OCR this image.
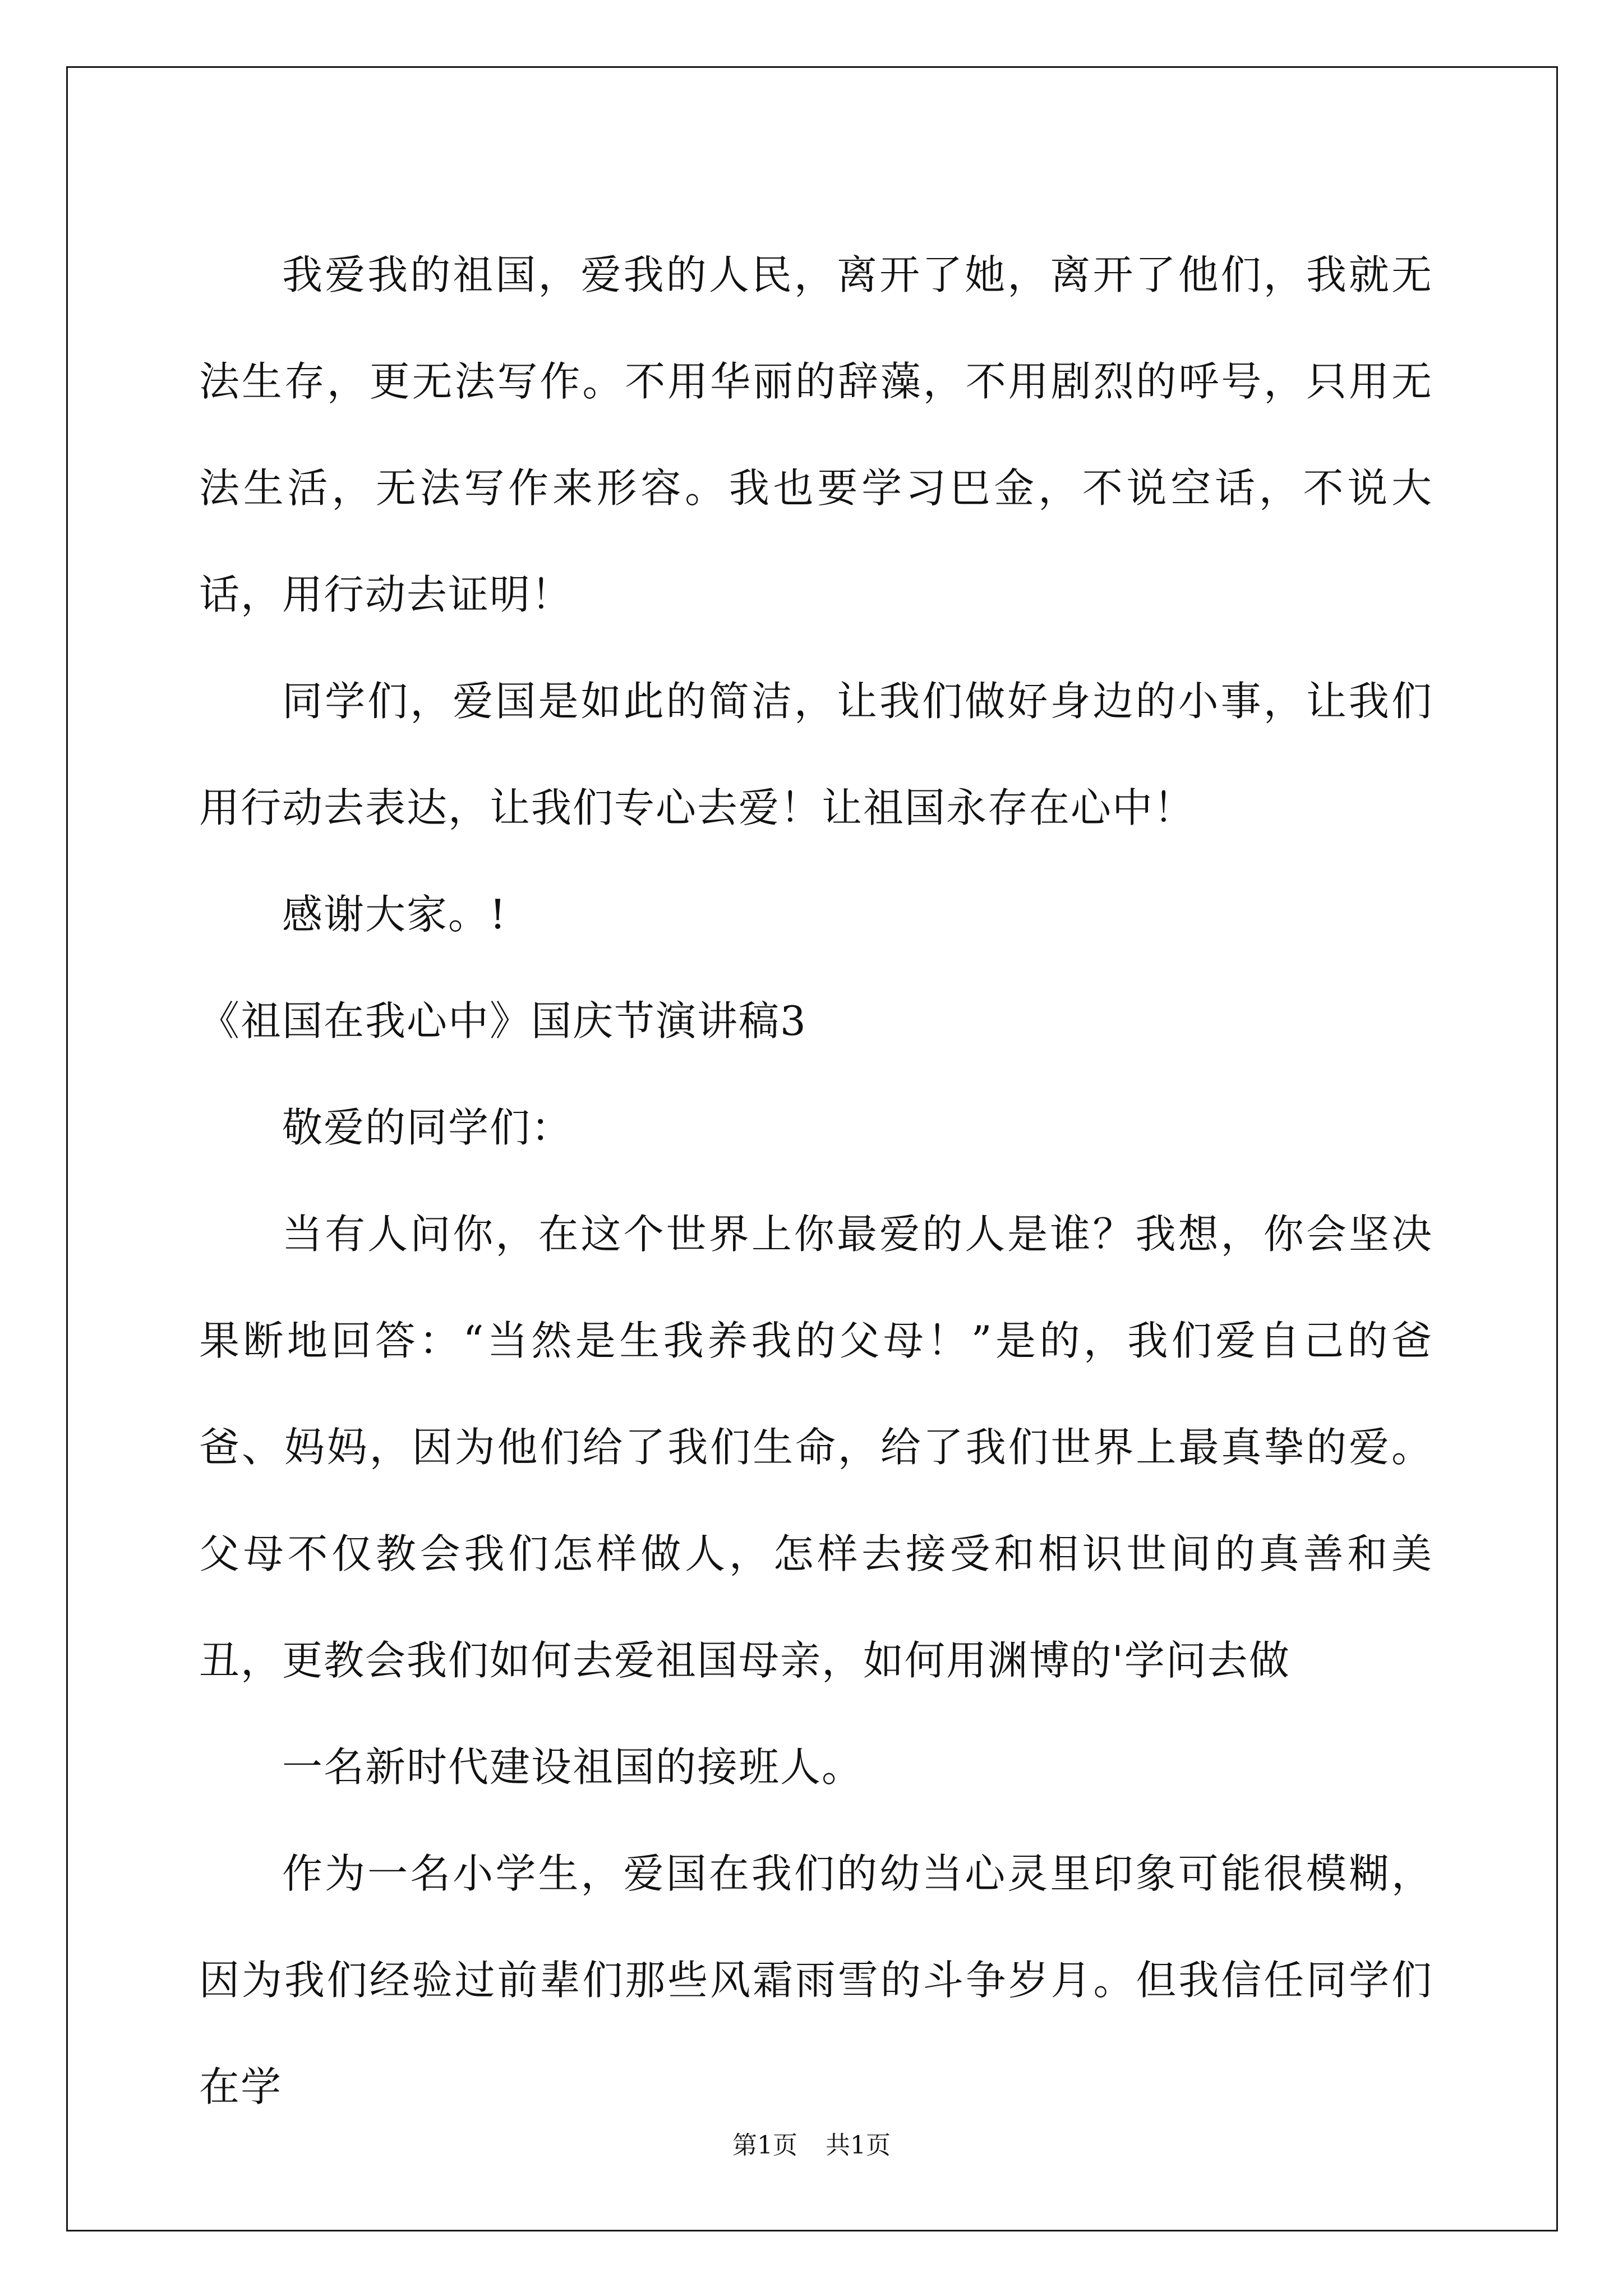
我爱我的祖国，爱我的人民，离开了她，离开了他们，我就无法生存，更无法写作。不用华丽的辞藻，不用剧烈的呼号，只用无法生活，无法写作来形容。我也要学习巴金，不说空话，不说大话，用行动去证明！

同学们，爱国是如此的简洁，让我们做好身边的小事，让我们用行动去表达，让我们专心去爱！让祖国永存在心中！

感谢大家。!

《祖国在我心中》国庆节演讲稿3

敬爱的同学们：

当有人问你，在这个世界上你最爱的人是谁？我想，你会坚决果断地回答：“当然是生我养我的父母！”是的，我们爱自己的爸爸、妈妈，因为他们给了我们生命，给了我们世界上最真挚的爱。父母不仅教会我们怎样做人，怎样去接受和相识世间的真善和美丑，更教会我们如何去爱祖国母亲，如何用渊博的'学问去做

一名新时代建设祖国的接班人。

作为一名小学生，爱国在我们的幼当心灵里印象可能很模糊，因为我们经验过前辈们那些风霜雨雪的斗争岁月。但我信任同学们在学

第1页 共1页
